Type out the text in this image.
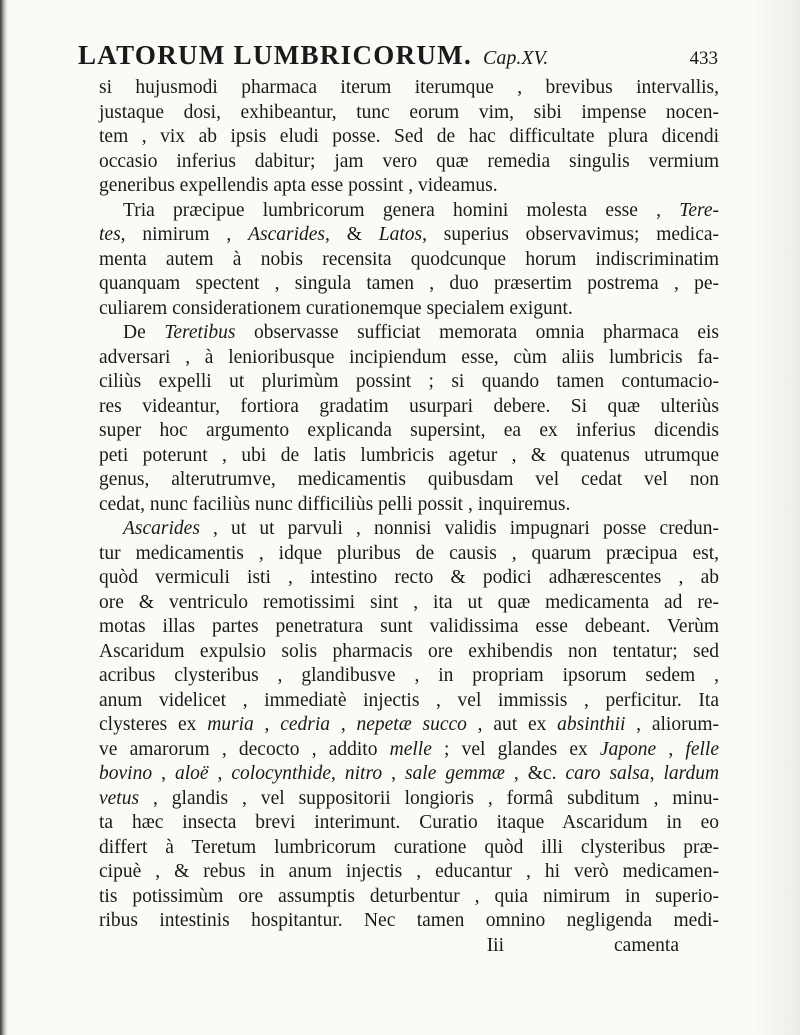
LATORUM LUMBRICORUM. Cap.XV.	433
si hujusmodi pharmaca iterum iterumque , brevibus intervallis,
justaque dosi, exhibeantur, tunc eorum vim, sibi impense nocen-
tem , vix ab ipsis eludi posse. Sed de hac difficultate plura dicendi
occasio inferius dabitur; jam vero quæ remedia singulis vermium
generibus expellendis apta esse possint , videamus.
Tria præcipue lumbricorum genera homini molesta esse , Tere-
tes, nimirum , Ascarides, & Latos, superius observavimus; medica-
menta autem à nobis recensita quodcunque horum indiscriminatim
quanquam spectent , singula tamen , duo præsertim postrema , pe-
culiarem considerationem curationemque specialem exigunt.
De Teretibus observasse sufficiat memorata omnia pharmaca eis
adversari , à lenioribusque incipiendum esse, cùm aliis lumbricis fa-
ciliùs expelli ut plurimùm possint ; si quando tamen contumacio-
res videantur, fortiora gradatim usurpari debere. Si quæ ulteriùs
super hoc argumento explicanda supersint, ea ex inferius dicendis
peti poterunt , ubi de latis lumbricis agetur , & quatenus utrumque
genus, alterutrumve, medicamentis quibusdam vel cedat vel non
cedat, nunc faciliùs nunc difficiliùs pelli possit , inquiremus.
Ascarides , ut ut parvuli , nonnisi validis impugnari posse credun-
tur medicamentis , idque pluribus de causis , quarum præcipua est,
quòd vermiculi isti , intestino recto & podici adhærescentes , ab
ore & ventriculo remotissimi sint , ita ut quæ medicamenta ad re-
motas illas partes penetratura sunt validissima esse debeant. Verùm
Ascaridum expulsio solis pharmacis ore exhibendis non tentatur; sed
acribus clysteribus , glandibusve , in propriam ipsorum sedem ,
anum videlicet , immediatè injectis , vel immissis , perficitur. Ita
clysteres ex muria , cedria , nepetæ succo , aut ex absinthii , aliorum-
ve amarorum , decocto , addito melle ; vel glandes ex Japone , felle
bovino , aloë , colocynthide, nitro , sale gemmæ , &c. caro salsa, lardum
vetus , glandis , vel suppositorii longioris , formâ subditum , minu-
ta hæc insecta brevi interimunt. Curatio itaque Ascaridum in eo
differt à Teretum lumbricorum curatione quòd illi clysteribus præ-
cipuè , & rebus in anum injectis , educantur , hi verò medicamen-
tis potissimùm ore assumptis deturbentur , quia nimirum in superio-
ribus intestinis hospitantur. Nec tamen omnino negligenda medi-
Iii	camenta
